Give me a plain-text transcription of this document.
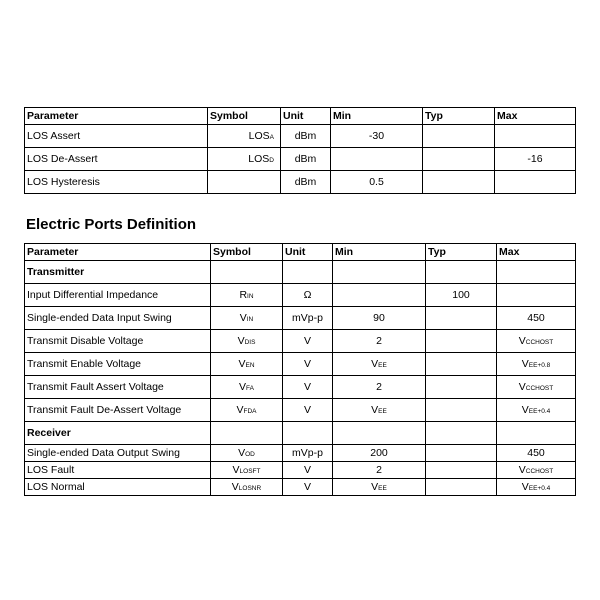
Parameter	Symbol	Unit	Min	Typ	Max
LOS Assert	LOSA	dBm	-30		
LOS De-Assert	LOSD	dBm			-16
LOS Hysteresis		dBm	0.5		
Electric Ports Definition
Parameter	Symbol	Unit	Min	Typ	Max
Transmitter					
Input Differential Impedance	RIN	Ω		100	
Single-ended Data Input Swing	VIN	mVp-p	90		450
Transmit Disable Voltage	VDIS	V	2		VCCHOST
Transmit Enable Voltage	VEN	V	VEE		VEE+0.8
Transmit Fault Assert Voltage	VFA	V	2		VCCHOST
Transmit Fault De-Assert Voltage	VFDA	V	VEE		VEE+0.4
Receiver					
Single-ended Data Output Swing	VOD	mVp-p	200		450
LOS Fault	VLOSFT	V	2		VCCHOST
LOS Normal	VLOSNR	V	VEE		VEE+0.4
